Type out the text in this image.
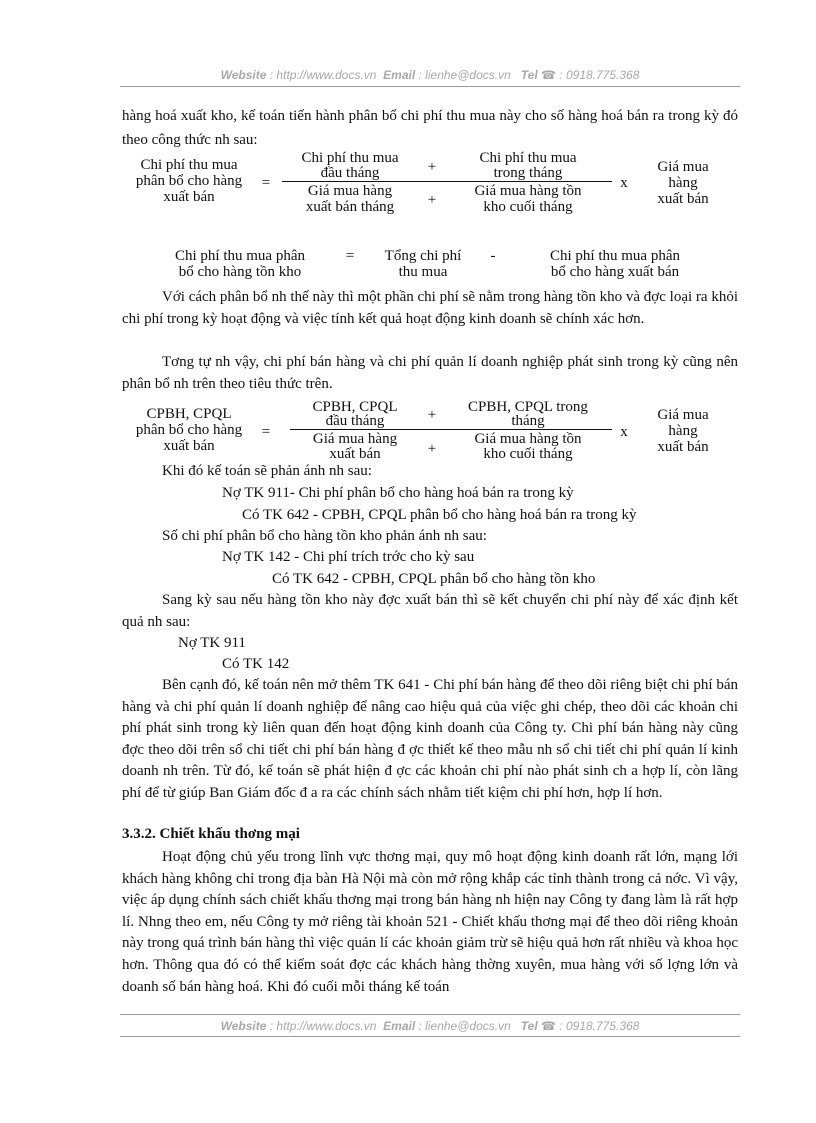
Website : http://www.docs.vn Email : lienhe@docs.vn Tel ☎ : 0918.775.368
hàng hoá xuất kho, kế toán tiến hành phân bổ chi phí thu mua này cho số hàng hoá bán ra trong kỳ đó theo công thức nh sau:
Chi phí thu mua
phân bổ cho hàng
xuất bán
=
Chi phí thu mua
đầu tháng	+
Chi phí thu mua
trong tháng
Giá mua hàng
xuất bán tháng	+
Giá mua hàng tồn
kho cuối tháng
x
Giá mua
hàng
xuất bán
Chi phí thu mua phân
bổ cho hàng tồn kho
=	Tổng chi phí
thu mua
-	Chi phí thu mua phân
bổ cho hàng xuất bán
Với cách phân bổ nh thế này thì một phần chi phí sẽ nằm trong hàng tồn kho và đợc loại ra khỏi chi phí trong kỳ hoạt động và việc tính kết quả hoạt động kinh doanh sẽ chính xác hơn.
Tơng tự nh vậy, chi phí bán hàng và chi phí quản lí doanh nghiệp phát sinh trong kỳ cũng nên phân bổ nh trên theo tiêu thức trên.
CPBH, CPQL
phân bổ cho hàng
xuất bán
=
CPBH, CPQL
đầu tháng	+	CPBH, CPQL trong
tháng
Giá mua hàng
xuất bán	+
Giá mua hàng tồn
kho cuối tháng
x
Giá mua
hàng
xuất bán
Khi đó kế toán sẽ phản ánh nh sau:
Nợ TK 911- Chi phí phân bổ cho hàng hoá bán ra trong kỳ
Có TK 642 - CPBH, CPQL phân bổ cho hàng hoá bán ra trong kỳ
Số chi phí phân bổ cho hàng tồn kho phản ánh nh sau:
Nợ TK 142 - Chi phí trích trớc cho kỳ sau
Có TK 642 - CPBH, CPQL phân bổ cho hàng tồn kho
Sang kỳ sau nếu hàng tồn kho này đợc xuất bán thì sẽ kết chuyển chi phí này để xác định kết quả nh sau:
Nợ TK 911
Có TK 142
Bên cạnh đó, kế toán nên mở thêm TK 641 - Chi phí bán hàng để theo dõi riêng biệt chi phí bán hàng và chi phí quản lí doanh nghiệp để nâng cao hiệu quả của việc ghi chép, theo dõi các khoản chi phí phát sinh trong kỳ liên quan đến hoạt động kinh doanh của Công ty. Chi phí bán hàng này cũng đợc theo dõi trên sổ chi tiết chi phí bán hàng đ ợc thiết kế theo mẫu nh sổ chi tiết chi phí quản lí kinh doanh nh trên. Từ đó, kế toán sẽ phát hiện đ ợc các khoản chi phí nào phát sinh ch a hợp lí, còn lãng phí để từ giúp Ban Giám đốc đ a ra các chính sách nhằm tiết kiệm chi phí hơn, hợp lí hơn.
3.3.2. Chiết khấu thơng mại
Hoạt động chủ yếu trong lĩnh vực thơng mại, quy mô hoạt động kinh doanh rất lớn, mạng lới khách hàng không chỉ trong địa bàn Hà Nội mà còn mở rộng khắp các tỉnh thành trong cả nớc. Vì vậy, việc áp dụng chính sách chiết khấu thơng mại trong bán hàng nh hiện nay Công ty đang làm là rất hợp lí. Nhng theo em, nếu Công ty mở riêng tài khoản 521 - Chiết khấu thơng mại để theo dõi riêng khoản này trong quá trình bán hàng thì việc quản lí các khoản giảm trừ sẽ hiệu quả hơn rất nhiều và khoa học hơn. Thông qua đó có thể kiểm soát đợc các khách hàng thờng xuyên, mua hàng với số lợng lớn và doanh số bán hàng hoá. Khi đó cuối mỗi tháng kế toán
Website : http://www.docs.vn Email : lienhe@docs.vn Tel ☎ : 0918.775.368
